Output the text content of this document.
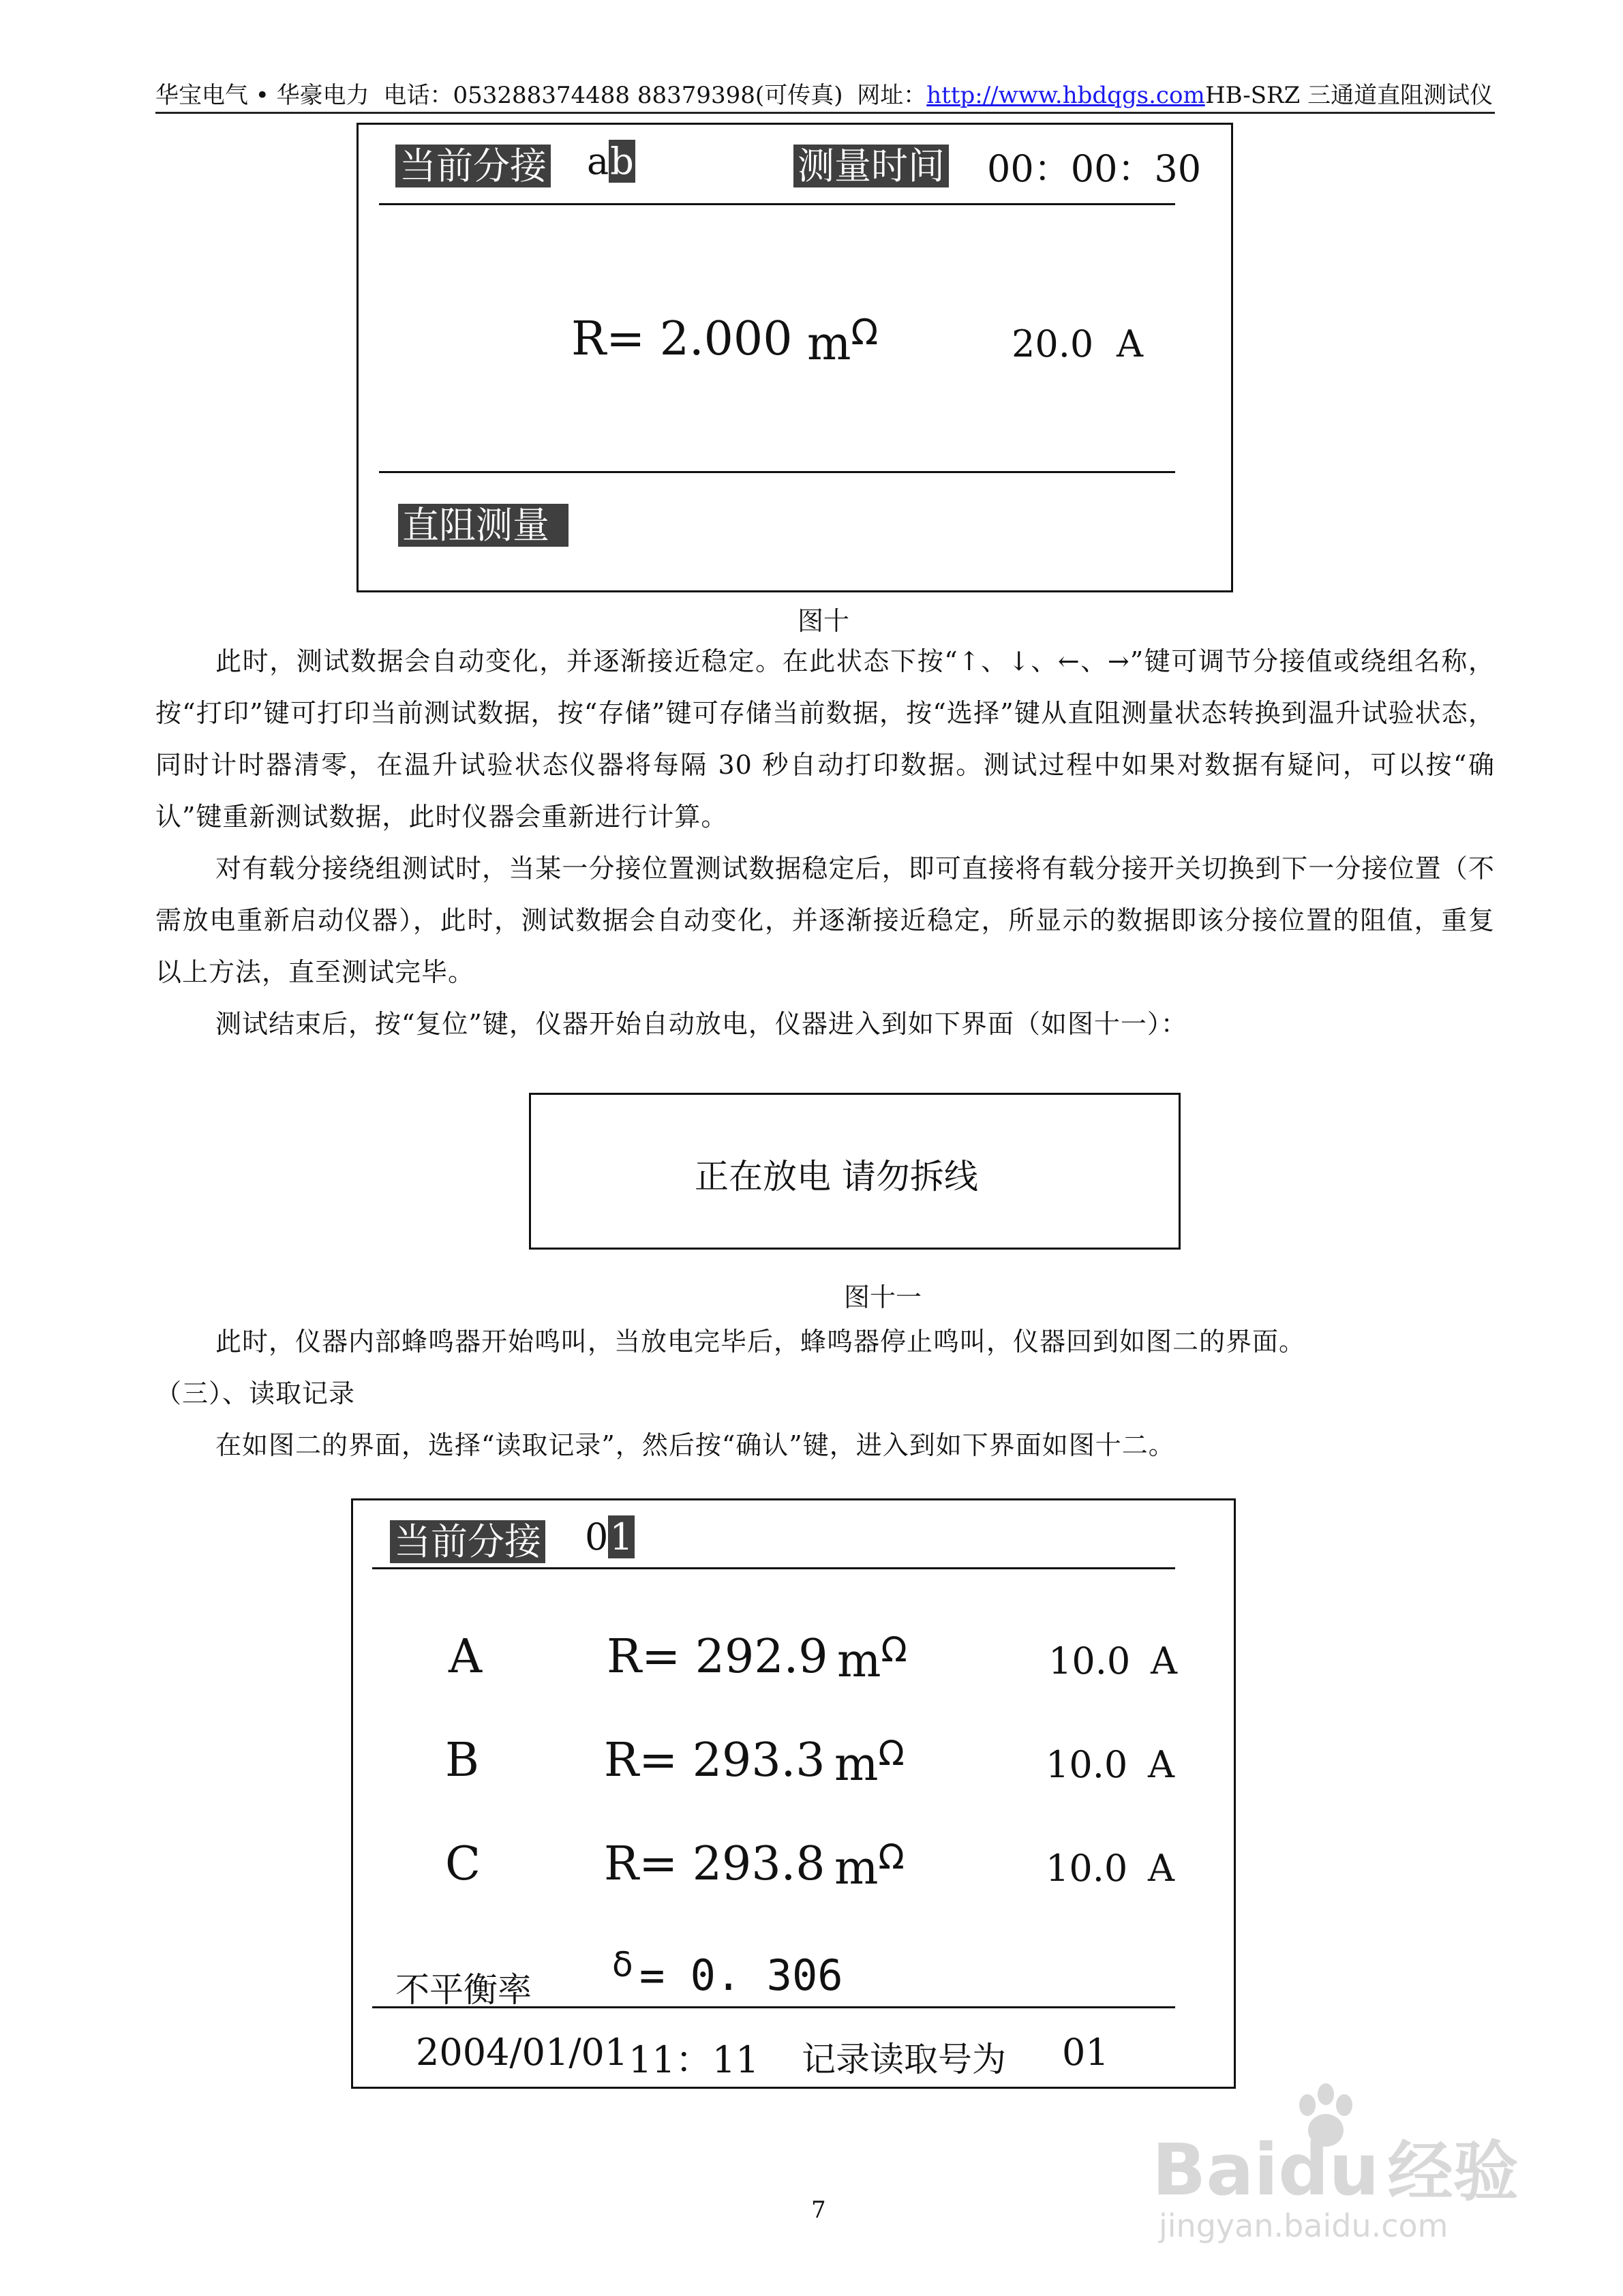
华宝电气 • 华豪电力 电话：053288374488 88379398(可传真) 网址：http://www.hbdqgs.com HB-SRZ 三通道直阻测试仪
当前分接 ab	测量时间 00：00：30
R= 2.000 $m^\Omega$	20.0 A
直阻测量
图十

此时，测试数据会自动变化，并逐渐接近稳定。在此状态下按“↑、↓、←、→”键可调节分接值或绕组名称，按“打印”键可打印当前测试数据，按“存储”键可存储当前数据，按“选择”键从直阻测量状态转换到温升试验状态，同时计时器清零，在温升试验状态仪器将每隔 30 秒自动打印数据。测试过程中如果对数据有疑问，可以按“确认”键重新测试数据，此时仪器会重新进行计算。

对有载分接绕组测试时，当某一分接位置测试数据稳定后，即可直接将有载分接开关切换到下一分接位置（不需放电重新启动仪器），此时，测试数据会自动变化，并逐渐接近稳定，所显示的数据即该分接位置的阻值，重复以上方法，直至测试完毕。

测试结束后，按“复位”键，仪器开始自动放电，仪器进入到如下界面（如图十一）：

正在放电 请勿拆线
图十一

此时，仪器内部蜂鸣器开始鸣叫，当放电完毕后，蜂鸣器停止鸣叫，仪器回到如图二的界面。

（三）、读取记录

在如图二的界面，选择“读取记录”，然后按“确认”键，进入到如下界面如图十二。

当前分接 01
A	R= 292.9 $m^\Omega$	10.0 A
B	R= 293.3 $m^\Omega$	10.0 A
C	R= 293.8 $m^\Omega$	10.0 A
不平衡率
δ = 0. 306
2004/01/01 11：11 记录读取号为 01
7	Baidu 经验
jingyan.baidu.com
